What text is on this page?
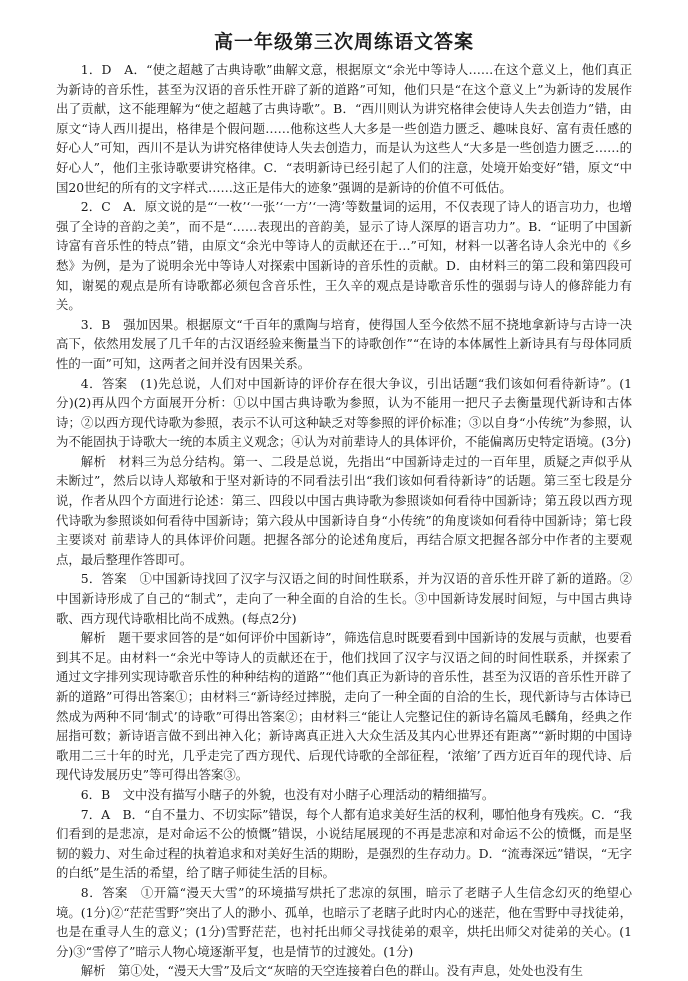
高一年级第三次周练语文答案

1．D　A．“使之超越了古典诗歌”曲解文意，根据原文“余光中等诗人……在这个意义上，他们真正为新诗的音乐性，甚至为汉语的音乐性开辟了新的道路”可知，他们只是“在这个意义上”为新诗的发展作出了贡献，这不能理解为“使之超越了古典诗歌”。B．“西川则认为讲究格律会使诗人失去创造力”错，由原文“诗人西川提出，格律是个假问题……他称这些人大多是一些创造力匮乏、趣味良好、富有责任感的好心人”可知，西川不是认为讲究格律使诗人失去创造力，而是认为这些人“大多是一些创造力匮乏……的好心人”，他们主张诗歌要讲究格律。C．“表明新诗已经引起了人们的注意，处境开始变好”错，原文“中国20世纪的所有的文字样式……这正是伟大的迹象”强调的是新诗的价值不可低估。

2．C　A．原文说的是“‘一枚’‘一张’‘一方’‘一湾’等数量词的运用，不仅表现了诗人的语言功力，也增强了全诗的音韵之美”，而不是“……表现出的音韵美，显示了诗人深厚的语言功力”。B．“证明了中国新诗富有音乐性的特点”错，由原文“余光中等诗人的贡献还在于…”可知，材料一以著名诗人余光中的《乡愁》为例，是为了说明余光中等诗人对探索中国新诗的音乐性的贡献。D．由材料三的第二段和第四段可知，谢冕的观点是所有诗歌都必须包含音乐性，王久辛的观点是诗歌音乐性的强弱与诗人的修辞能力有关。

3．B　强加因果。根据原文“千百年的熏陶与培育，使得国人至今依然不屈不挠地拿新诗与古诗一决高下，依然用发展了几千年的古汉语经验来衡量当下的诗歌创作”“在诗的本体属性上新诗具有与母体同质性的一面”可知，这两者之间并没有因果关系。

4．答案　(1)先总说，人们对中国新诗的评价存在很大争议，引出话题“我们该如何看待新诗”。(1分)(2)再从四个方面展开分析：①以中国古典诗歌为参照，认为不能用一把尺子去衡量现代新诗和古体诗；②以西方现代诗歌为参照，表示不认可这种缺乏对等参照的评价标准；③以自身“小传统”为参照，认为不能固执于诗歌大一统的本质主义观念；④认为对前辈诗人的具体评价，不能偏离历史特定语境。(3分)

解析　材料三为总分结构。第一、二段是总说，先指出“中国新诗走过的一百年里，质疑之声似乎从未断过”，然后以诗人郑敏和于坚对新诗的不同看法引出“我们该如何看待新诗”的话题。第三至七段是分说，作者从四个方面进行论述：第三、四段以中国古典诗歌为参照谈如何看待中国新诗；第五段以西方现代诗歌为参照谈如何看待中国新诗；第六段从中国新诗自身“小传统”的角度谈如何看待中国新诗；第七段主要谈对 前辈诗人的具体评价问题。把握各部分的论述角度后，再结合原文把握各部分中作者的主要观点，最后整理作答即可。

5．答案　①中国新诗找回了汉字与汉语之间的时间性联系，并为汉语的音乐性开辟了新的道路。②中国新诗形成了自己的“制式”，走向了一种全面的自洽的生长。③中国新诗发展时间短，与中国古典诗歌、西方现代诗歌相比尚不成熟。(每点2分)

解析　题干要求回答的是“如何评价中国新诗”，筛选信息时既要看到中国新诗的发展与贡献，也要看到其不足。由材料一“余光中等诗人的贡献还在于，他们找回了汉字与汉语之间的时间性联系，并探索了通过文字排列实现诗歌音乐性的种种结构的道路”“他们真正为新诗的音乐性，甚至为汉语的音乐性开辟了新的道路”可得出答案①；由材料三“新诗经过摔脱，走向了一种全面的自洽的生长，现代新诗与古体诗已然成为两种不同‘制式’的诗歌”可得出答案②；由材料三“能让人完整记住的新诗名篇凤毛麟角，经典之作屈指可数；新诗语言做不到出神入化；新诗离真正进入大众生活及其内心世界还有距离”“新时期的中国诗歌用二三十年的时光，几乎走完了西方现代、后现代诗歌的全部征程，‘浓缩’了西方近百年的现代诗、后现代诗发展历史”等可得出答案③。

6．B　文中没有描写小瞎子的外貌，也没有对小瞎子心理活动的精细描写。

7．A　B．“自不量力、不切实际”错误，每个人都有追求美好生活的权利，哪怕他身有残疾。C．“我们看到的是悲凉，是对命运不公的愤慨”错误，小说结尾展现的不再是悲凉和对命运不公的愤慨，而是坚韧的毅力、对生命过程的执着追求和对美好生活的期盼，是强烈的生存动力。D．“流毒深远”错误，“无字的白纸”是生活的希望，给了瞎子师徒生活的目标。

8．答案　①开篇“漫天大雪”的环境描写烘托了悲凉的氛围，暗示了老瞎子人生信念幻灭的绝望心境。(1分)②“茫茫雪野”突出了人的渺小、孤单，也暗示了老瞎子此时内心的迷茫，他在雪野中寻找徒弟，也是在重寻人生的意义；(1分)雪野茫茫，也衬托出师父寻找徒弟的艰辛，烘托出师父对徒弟的关心。(1分)③“雪停了”暗示人物心境逐渐平复，也是情节的过渡处。(1分)

解析　第①处，“漫天大雪”及后文“灰暗的天空连接着白色的群山。没有声息，处处也没有生
